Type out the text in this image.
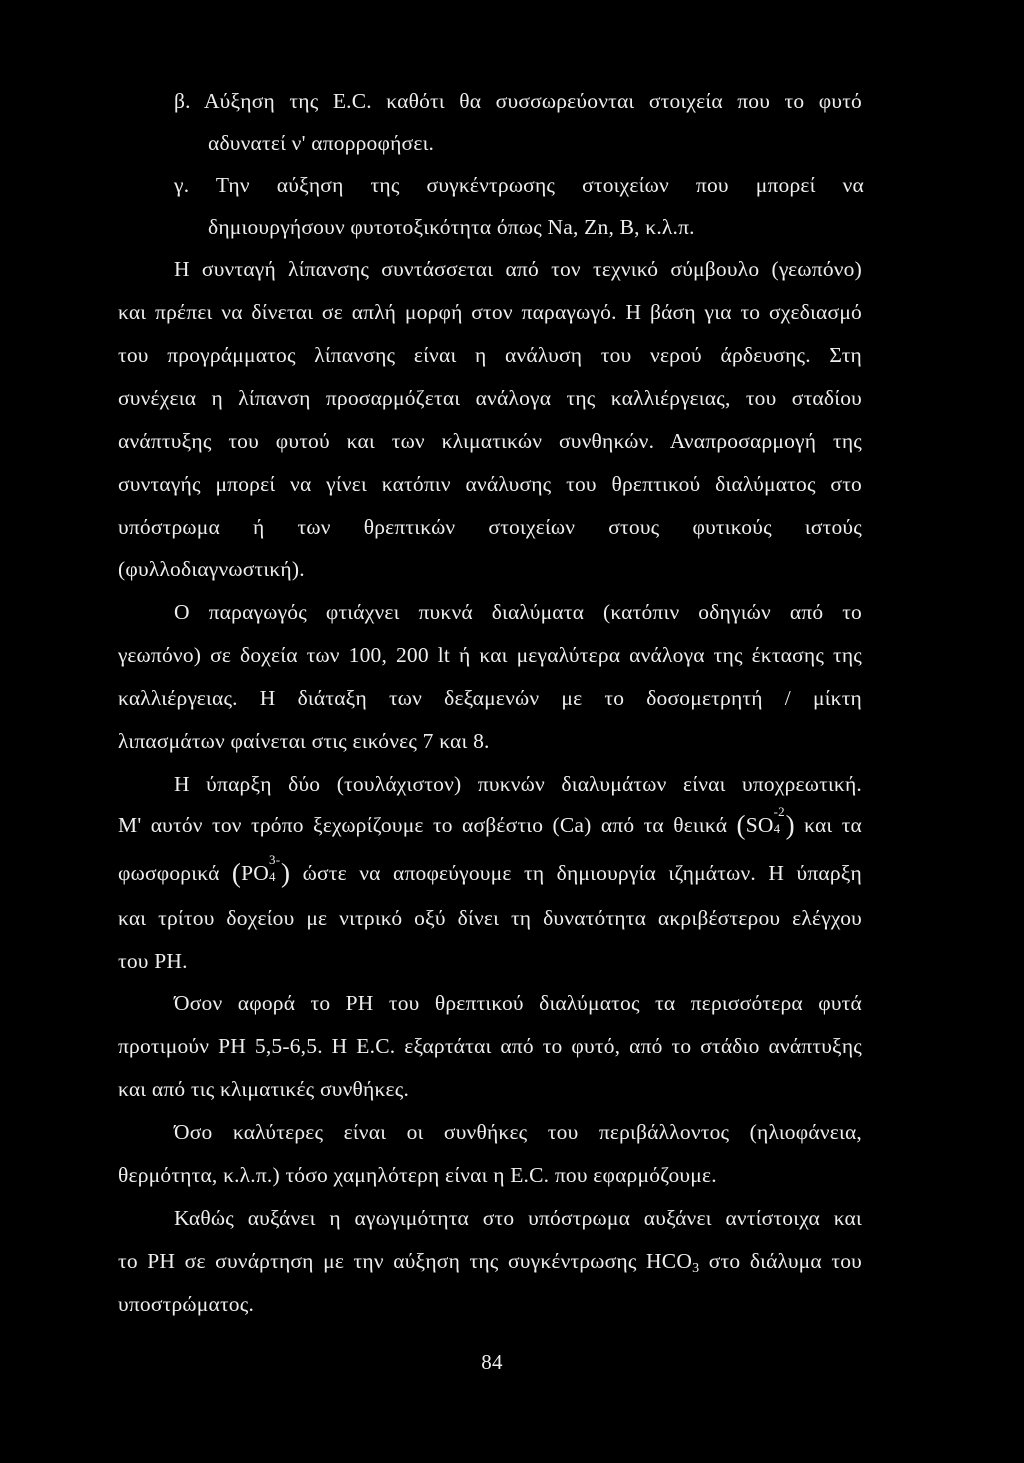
β. Αύξηση της Ε.C. καθότι θα συσσωρεύονται στοιχεία που το φυτό
αδυνατεί ν' απορροφήσει.
γ. Την αύξηση της συγκέντρωσης στοιχείων που μπορεί να
δημιουργήσουν φυτοτοξικότητα όπως Na, Zn, B, κ.λ.π.
Η συνταγή λίπανσης συντάσσεται από τον τεχνικό σύμβουλο (γεωπόνο)
και πρέπει να δίνεται σε απλή μορφή στον παραγωγό. Η βάση για το σχεδιασμό
του προγράμματος λίπανσης είναι η ανάλυση του νερού άρδευσης. Στη
συνέχεια η λίπανση προσαρμόζεται ανάλογα της καλλιέργειας, του σταδίου
ανάπτυξης του φυτού και των κλιματικών συνθηκών. Αναπροσαρμογή της
συνταγής μπορεί να γίνει κατόπιν ανάλυσης του θρεπτικού διαλύματος στο
υπόστρωμα ή των θρεπτικών στοιχείων στους φυτικούς ιστούς
(φυλλοδιαγνωστική).
Ο παραγωγός φτιάχνει πυκνά διαλύματα (κατόπιν οδηγιών από το
γεωπόνο) σε δοχεία των 100, 200 lt ή και μεγαλύτερα ανάλογα της έκτασης της
καλλιέργειας. Η διάταξη των δεξαμενών με το δοσομετρητή / μίκτη
λιπασμάτων φαίνεται στις εικόνες 7 και 8.
Η ύπαρξη δύο (τουλάχιστον) πυκνών διαλυμάτων είναι υποχρεωτική.
Μ' αυτόν τον τρόπο ξεχωρίζουμε το ασβέστιο (Ca) από τα θειικά (SO
-2
4 ) και τα
φωσφορικά (PO
3-
4 ) ώστε να αποφεύγουμε τη δημιουργία ιζημάτων. Η ύπαρξη
και τρίτου δοχείου με νιτρικό οξύ δίνει τη δυνατότητα ακριβέστερου ελέγχου
του PH.
Όσον αφορά το PH του θρεπτικού διαλύματος τα περισσότερα φυτά
προτιμούν PH 5,5-6,5. Η Ε.C. εξαρτάται από το φυτό, από το στάδιο ανάπτυξης
και από τις κλιματικές συνθήκες.
Όσο καλύτερες είναι οι συνθήκες του περιβάλλοντος (ηλιοφάνεια,
θερμότητα, κ.λ.π.) τόσο χαμηλότερη είναι η Ε.C. που εφαρμόζουμε.
Καθώς αυξάνει η αγωγιμότητα στο υπόστρωμα αυξάνει αντίστοιχα και
το PH σε συνάρτηση με την αύξηση της συγκέντρωσης $HCO_3$ στο διάλυμα του
υποστρώματος.
84
